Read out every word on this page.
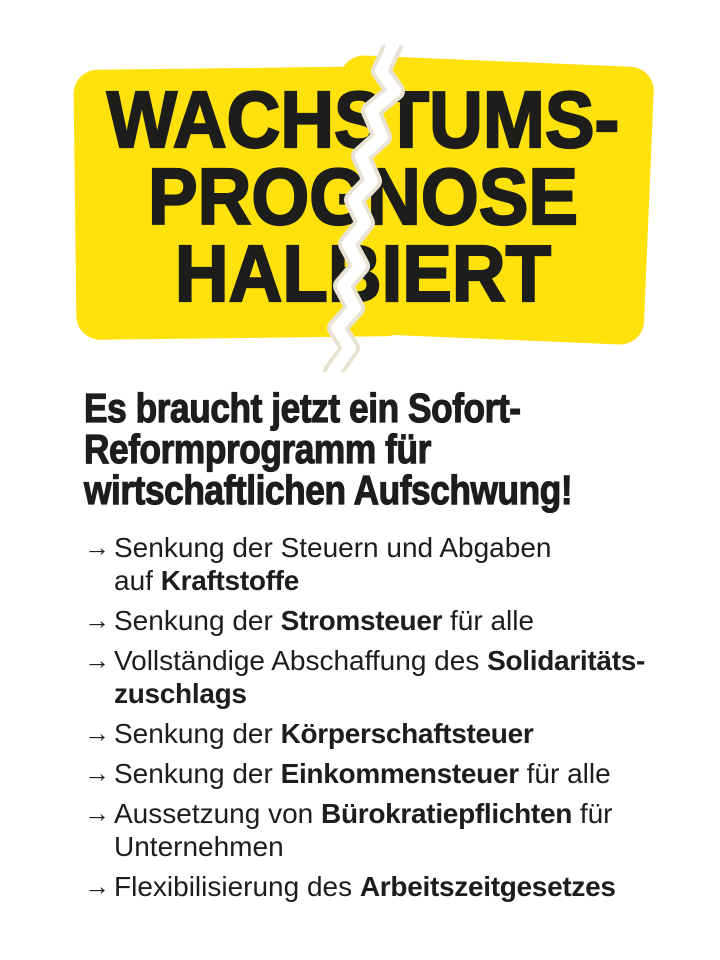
WACHSTUMS-
PROGNOSE
HALBIERT
Es braucht jetzt ein Sofort-
Reformprogramm für
wirtschaftlichen Aufschwung!
→ Senkung der Steuern und Abgaben
auf Kraftstoffe
→ Senkung der Stromsteuer für alle
→ Vollständige Abschaffung des Solidaritäts-
zuschlags
→ Senkung der Körperschaftsteuer
→ Senkung der Einkommensteuer für alle
→ Aussetzung von Bürokratiepflichten für
Unternehmen
→ Flexibilisierung des Arbeitszeitgesetzes
